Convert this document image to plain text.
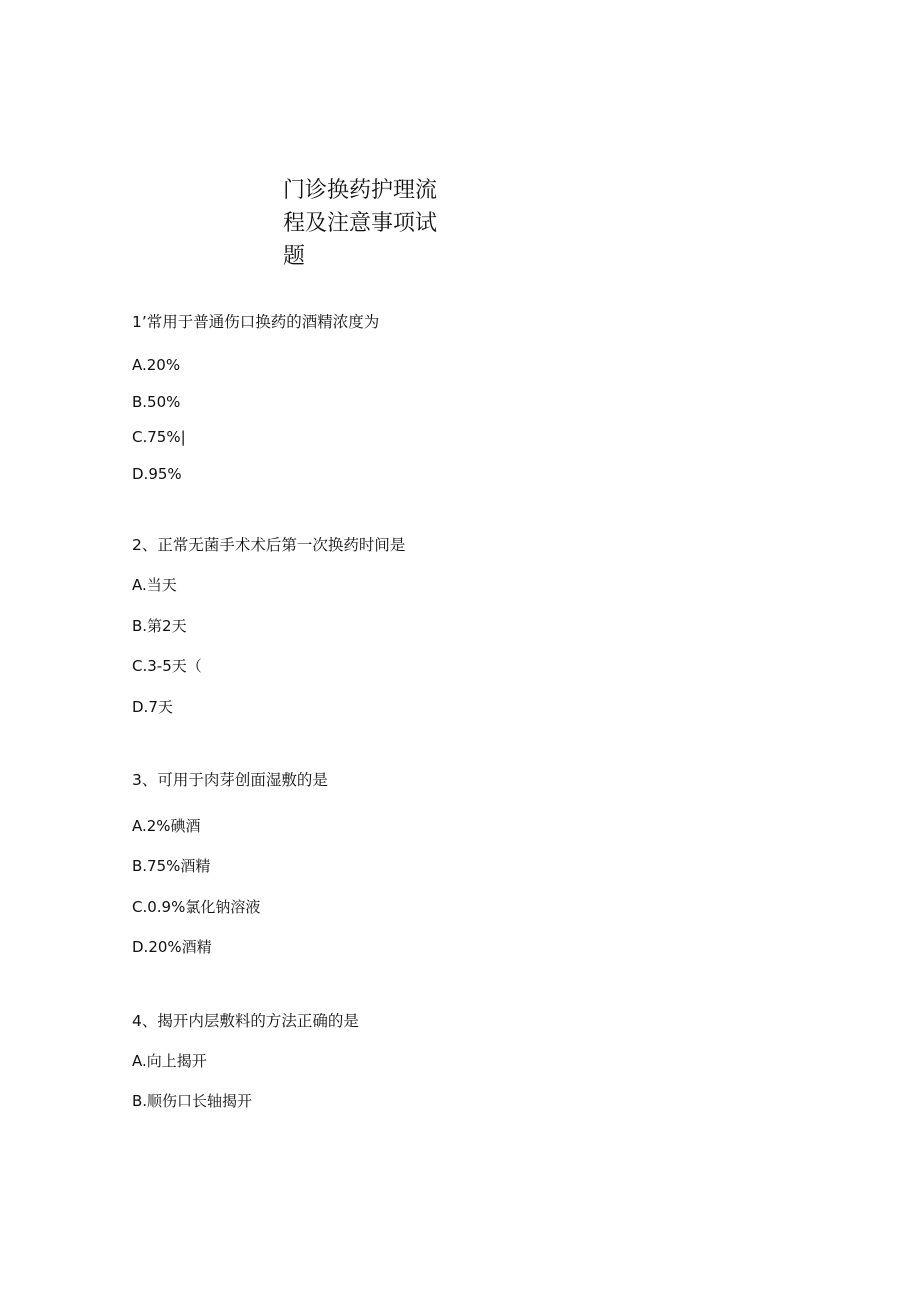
门诊换药护理流程及注意事项试题
1’常用于普通伤口换药的酒精浓度为
A.20%
B.50%
C.75%|
D.95%
2、正常无菌手术术后第一次换药时间是
A.当天
B.第2天
C.3-5天（
D.7天
3、可用于肉芽创面湿敷的是
A.2%碘酒
B.75%酒精
C.0.9%氯化钠溶液
D.20%酒精
4、揭开内层敷料的方法正确的是
A.向上揭开
B.顺伤口长轴揭开
